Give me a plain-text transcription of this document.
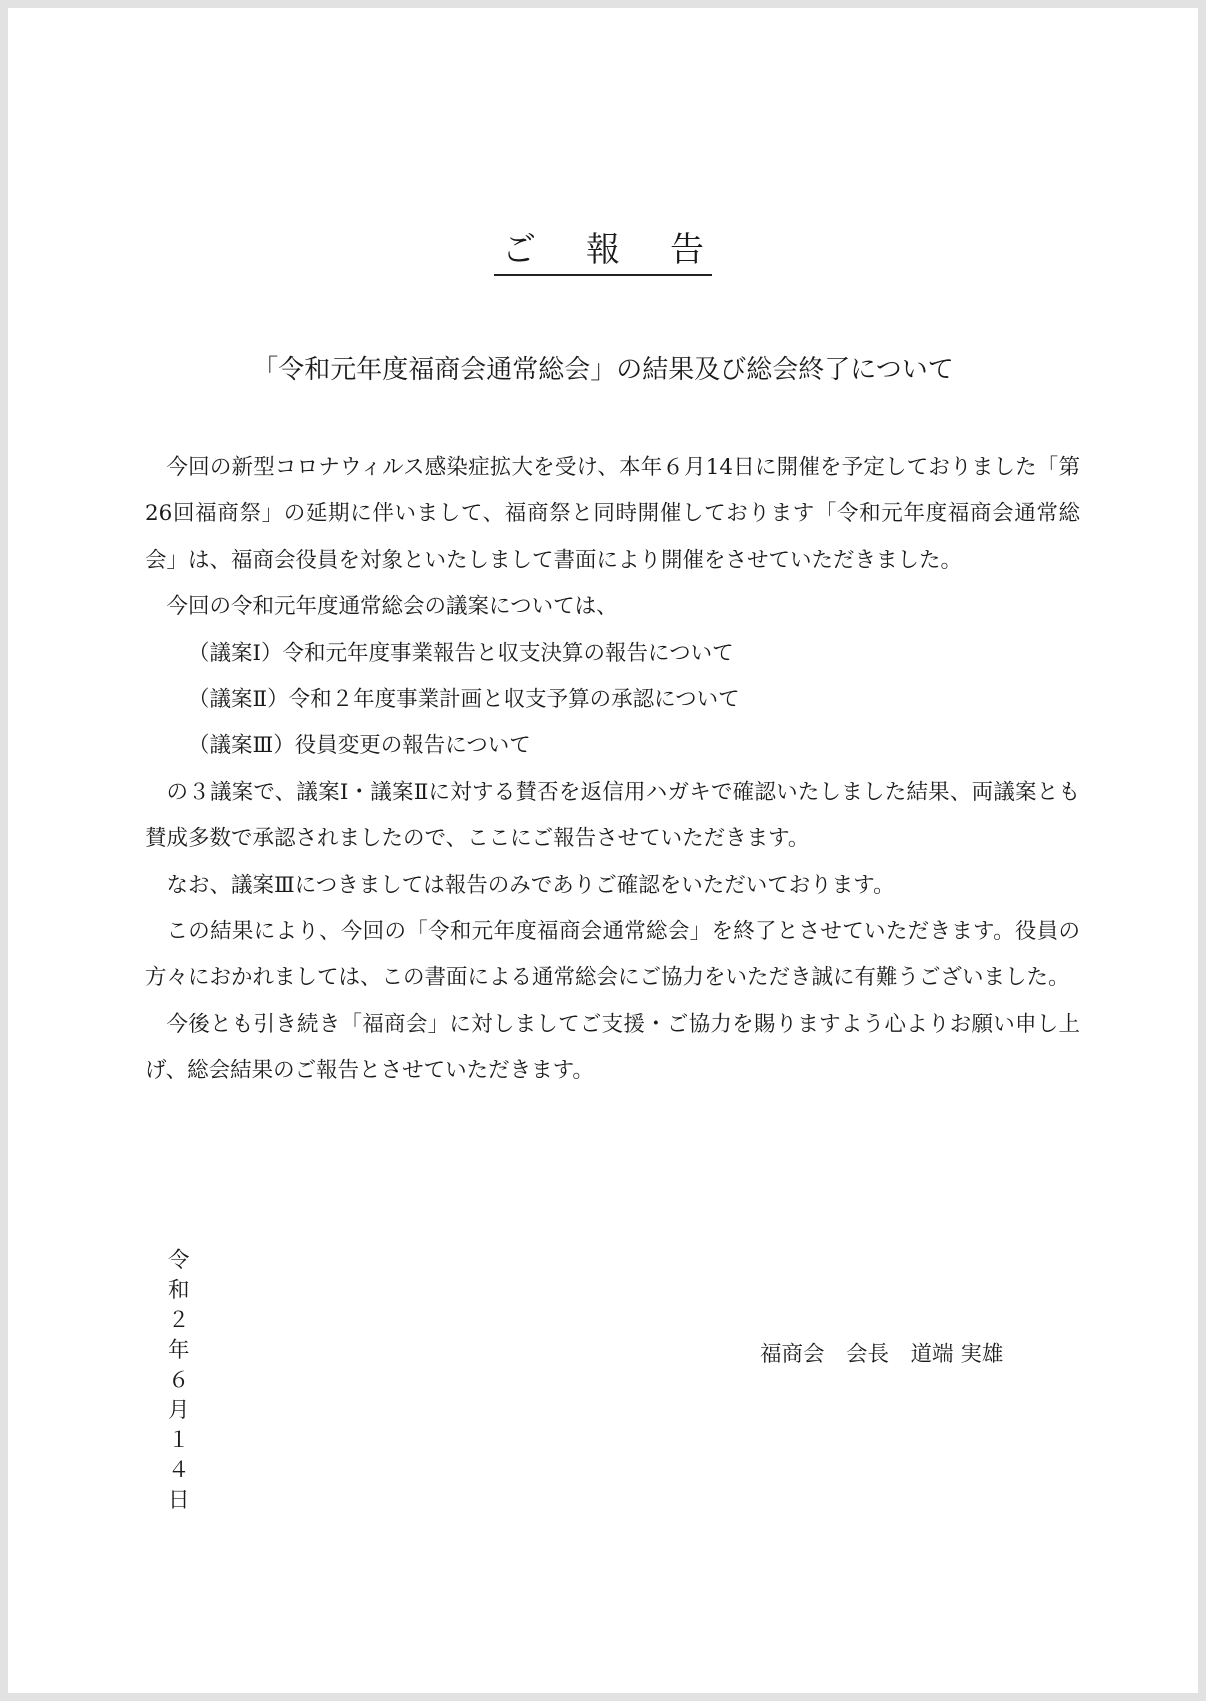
ご 報 告
「令和元年度福商会通常総会」の結果及び総会終了について

今回の新型コロナウィルス感染症拡大を受け、本年６月14日に開催を予定しておりました「第26回福商祭」の延期に伴いまして、福商祭と同時開催しております「令和元年度福商会通常総会」は、福商会役員を対象といたしまして書面により開催をさせていただきました。

今回の令和元年度通常総会の議案については、

（議案Ⅰ）令和元年度事業報告と収支決算の報告について

（議案Ⅱ）令和２年度事業計画と収支予算の承認について

（議案Ⅲ）役員変更の報告について

の３議案で、議案Ⅰ・議案Ⅱに対する賛否を返信用ハガキで確認いたしました結果、両議案とも賛成多数で承認されましたので、ここにご報告させていただきます。

なお、議案Ⅲにつきましては報告のみでありご確認をいただいております。

この結果により、今回の「令和元年度福商会通常総会」を終了とさせていただきます。役員の方々におかれましては、この書面による通常総会にご協力をいただき誠に有難うございました。

今後とも引き続き「福商会」に対しましてご支援・ご協力を賜りますよう心よりお願い申し上げ、総会結果のご報告とさせていただきます。

令和２年６月１４日
福商会　会長　道端 実雄
